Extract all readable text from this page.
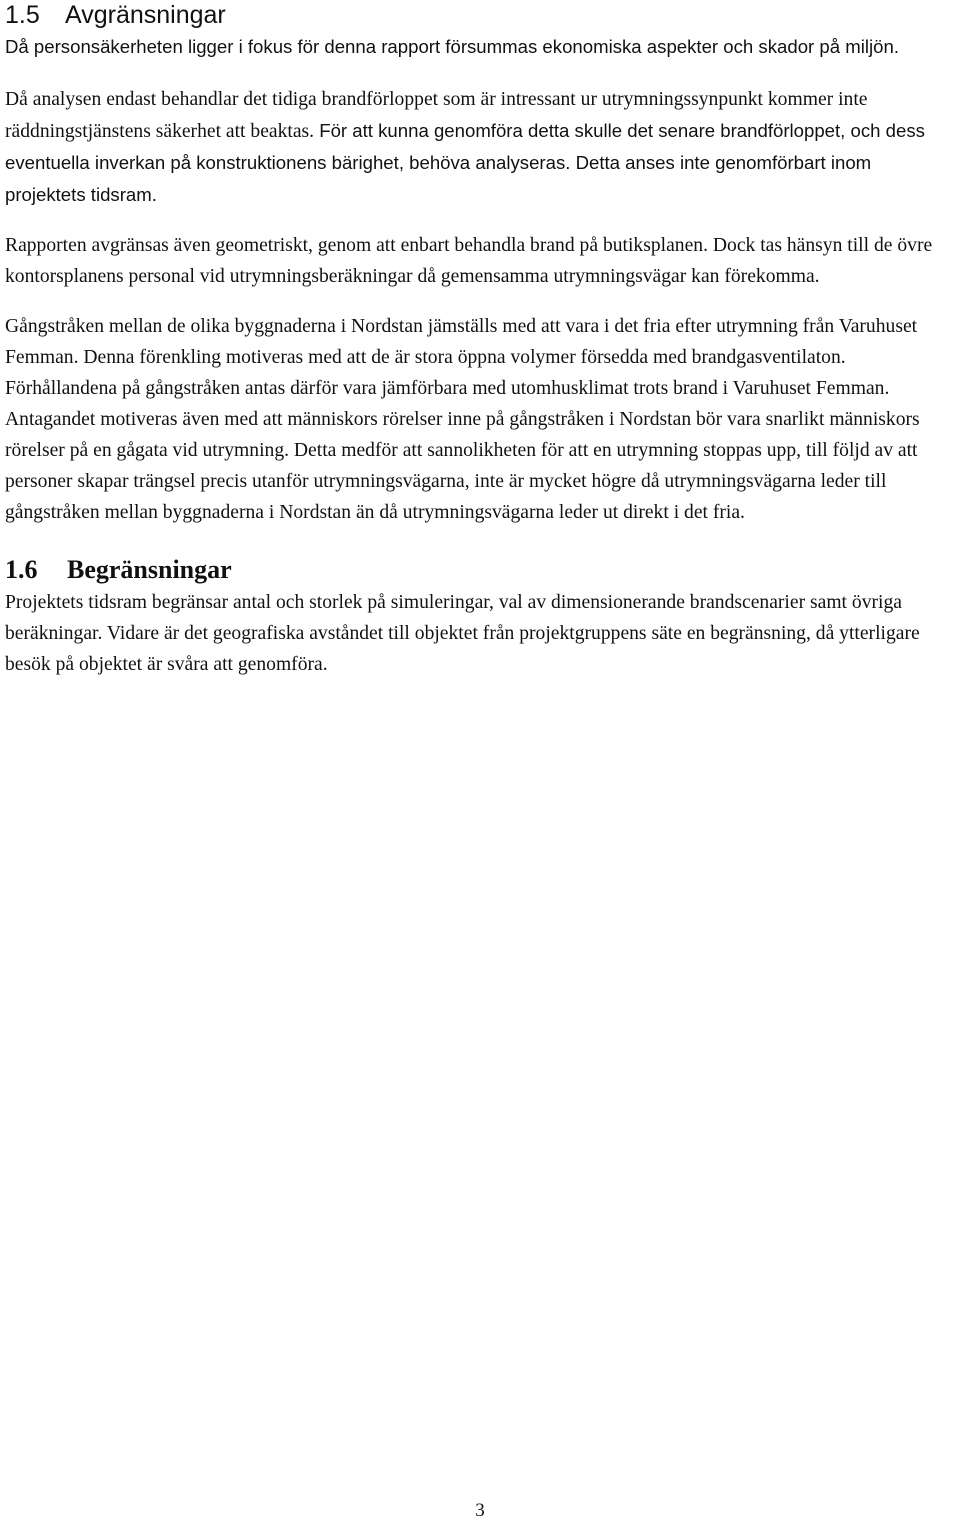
1.5 Avgränsningar

Då personsäkerheten ligger i fokus för denna rapport försummas ekonomiska aspekter och skador på miljön.

Då analysen endast behandlar det tidiga brandförloppet som är intressant ur utrymningssynpunkt kommer inte räddningstjänstens säkerhet att beaktas. För att kunna genomföra detta skulle det senare brandförloppet, och dess eventuella inverkan på konstruktionens bärighet, behöva analyseras. Detta anses inte genomförbart inom projektets tidsram.

Rapporten avgränsas även geometriskt, genom att enbart behandla brand på butiksplanen. Dock tas hänsyn till de övre kontorsplanens personal vid utrymningsberäkningar då gemensamma utrymningsvägar kan förekomma.

Gångstråken mellan de olika byggnaderna i Nordstan jämställs med att vara i det fria efter utrymning från Varuhuset Femman. Denna förenkling motiveras med att de är stora öppna volymer försedda med brandgasventilaton. Förhållandena på gångstråken antas därför vara jämförbara med utomhusklimat trots brand i Varuhuset Femman. Antagandet motiveras även med att människors rörelser inne på gångstråken i Nordstan bör vara snarlikt människors rörelser på en gågata vid utrymning. Detta medför att sannolikheten för att en utrymning stoppas upp, till följd av att personer skapar trängsel precis utanför utrymningsvägarna, inte är mycket högre då utrymningsvägarna leder till gångstråken mellan byggnaderna i Nordstan än då utrymningsvägarna leder ut direkt i det fria.

1.6 Begränsningar

Projektets tidsram begränsar antal och storlek på simuleringar, val av dimensionerande brandscenarier samt övriga beräkningar. Vidare är det geografiska avståndet till objektet från projektgruppens säte en begränsning, då ytterligare besök på objektet är svåra att genomföra.

3
